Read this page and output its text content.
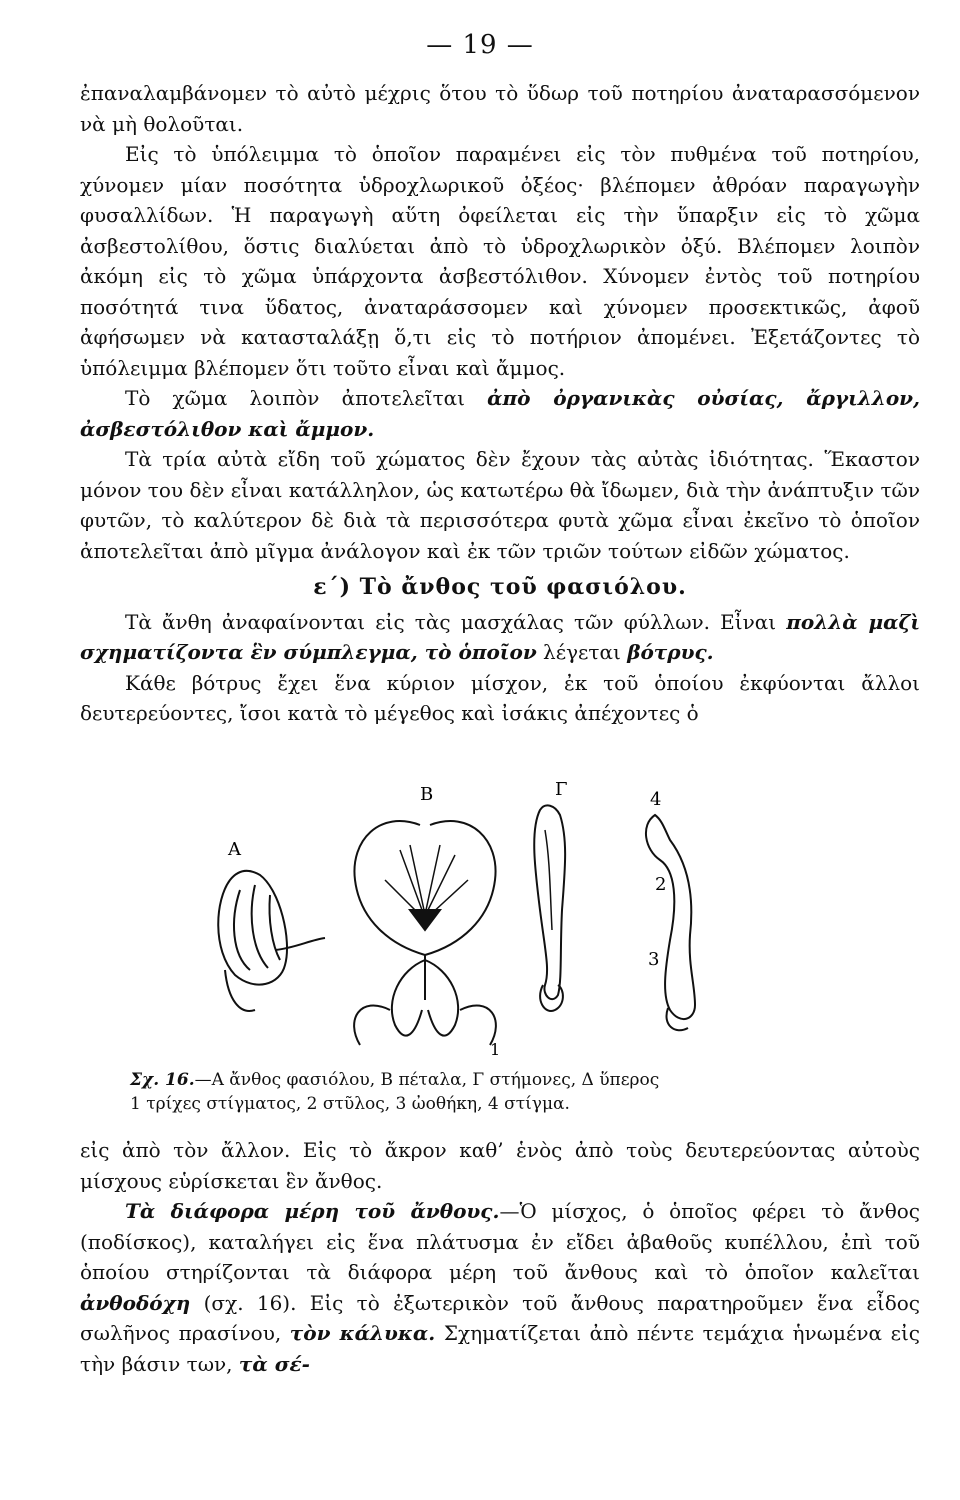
— 19 —

ἐπαναλαμβάνομεν τὸ αὐτὸ μέχρις ὅτου τὸ ὕδωρ τοῦ ποτηρίου ἀναταρασσόμενον νὰ μὴ θολοῦται.

Εἰς τὸ ὑπόλειμμα τὸ ὁποῖον παραμένει εἰς τὸν πυθμένα τοῦ ποτηρίου, χύνομεν μίαν ποσότητα ὑδροχλωρικοῦ ὀξέος· βλέπομεν ἀθρόαν παραγωγὴν φυσαλλίδων. Ἡ παραγωγὴ αὕτη ὀφείλεται εἰς τὴν ὕπαρξιν εἰς τὸ χῶμα ἀσβεστολίθου, ὅστις διαλύεται ἀπὸ τὸ ὑδροχλωρικὸν ὀξύ. Βλέπομεν λοιπὸν ἀκόμη εἰς τὸ χῶμα ὑπάρχοντα ἀσβεστόλιθον. Χύνομεν ἐντὸς τοῦ ποτηρίου ποσότητά τινα ὕδατος, ἀναταράσσομεν καὶ χύνομεν προσεκτικῶς, ἀφοῦ ἀφήσωμεν νὰ κατασταλάξῃ ὅ,τι εἰς τὸ ποτήριον ἀπομένει. Ἐξετάζοντες τὸ ὑπόλειμμα βλέπομεν ὅτι τοῦτο εἶναι καὶ ἄμμος.

Τὸ χῶμα λοιπὸν ἀποτελεῖται ἀπὸ ὀργανικὰς οὐσίας, ἄργιλλον, ἀσβεστόλιθον καὶ ἄμμον.

Τὰ τρία αὐτὰ εἴδη τοῦ χώματος δὲν ἔχουν τὰς αὐτὰς ἰδιότητας. Ἕκαστον μόνον του δὲν εἶναι κατάλληλον, ὡς κατωτέρω θὰ ἴδωμεν, διὰ τὴν ἀνάπτυξιν τῶν φυτῶν, τὸ καλύτερον δὲ διὰ τὰ περισσότερα φυτὰ χῶμα εἶναι ἐκεῖνο τὸ ὁποῖον ἀποτελεῖται ἀπὸ μῖγμα ἀνάλογον καὶ ἐκ τῶν τριῶν τούτων εἰδῶν χώματος.

ε΄) Τὸ ἄνθος τοῦ φασιόλου.

Τὰ ἄνθη ἀναφαίνονται εἰς τὰς μασχάλας τῶν φύλλων. Εἶναι πολλὰ μαζὶ σχηματίζοντα ἓν σύμπλεγμα, τὸ ὁποῖον λέγεται βότρυς.

Κάθε βότρυς ἔχει ἕνα κύριον μίσχον, ἐκ τοῦ ὁποίου ἐκφύονται ἄλλοι δευτερεύοντες, ἴσοι κατὰ τὸ μέγεθος καὶ ἰσάκις ἀπέχοντες ὁ

Α
Β	Γ	4
2
3
1
Σχ. 16.—Α ἄνθος φασιόλου, Β πέταλα, Γ στήμονες, Δ ὕπερος
1 τρίχες στίγματος, 2 στῦλος, 3 ὠοθήκη, 4 στίγμα.

εἰς ἀπὸ τὸν ἄλλον. Εἰς τὸ ἄκρον καθ’ ἑνὸς ἀπὸ τοὺς δευτερεύοντας αὐτοὺς μίσχους εὑρίσκεται ἓν ἄνθος.

Τὰ διάφορα μέρη τοῦ ἄνθους.—Ὁ μίσχος, ὁ ὁποῖος φέρει τὸ ἄνθος (ποδίσκος), καταλήγει εἰς ἕνα πλάτυσμα ἐν εἴδει ἀβαθοῦς κυπέλλου, ἐπὶ τοῦ ὁποίου στηρίζονται τὰ διάφορα μέρη τοῦ ἄνθους καὶ τὸ ὁποῖον καλεῖται ἀνθοδόχη (σχ. 16). Εἰς τὸ ἐξωτερικὸν τοῦ ἄνθους παρατηροῦμεν ἕνα εἶδος σωλῆνος πρασίνου, τὸν κάλυκα. Σχηματίζεται ἀπὸ πέντε τεμάχια ἡνωμένα εἰς τὴν βάσιν των, τὰ σέ-
